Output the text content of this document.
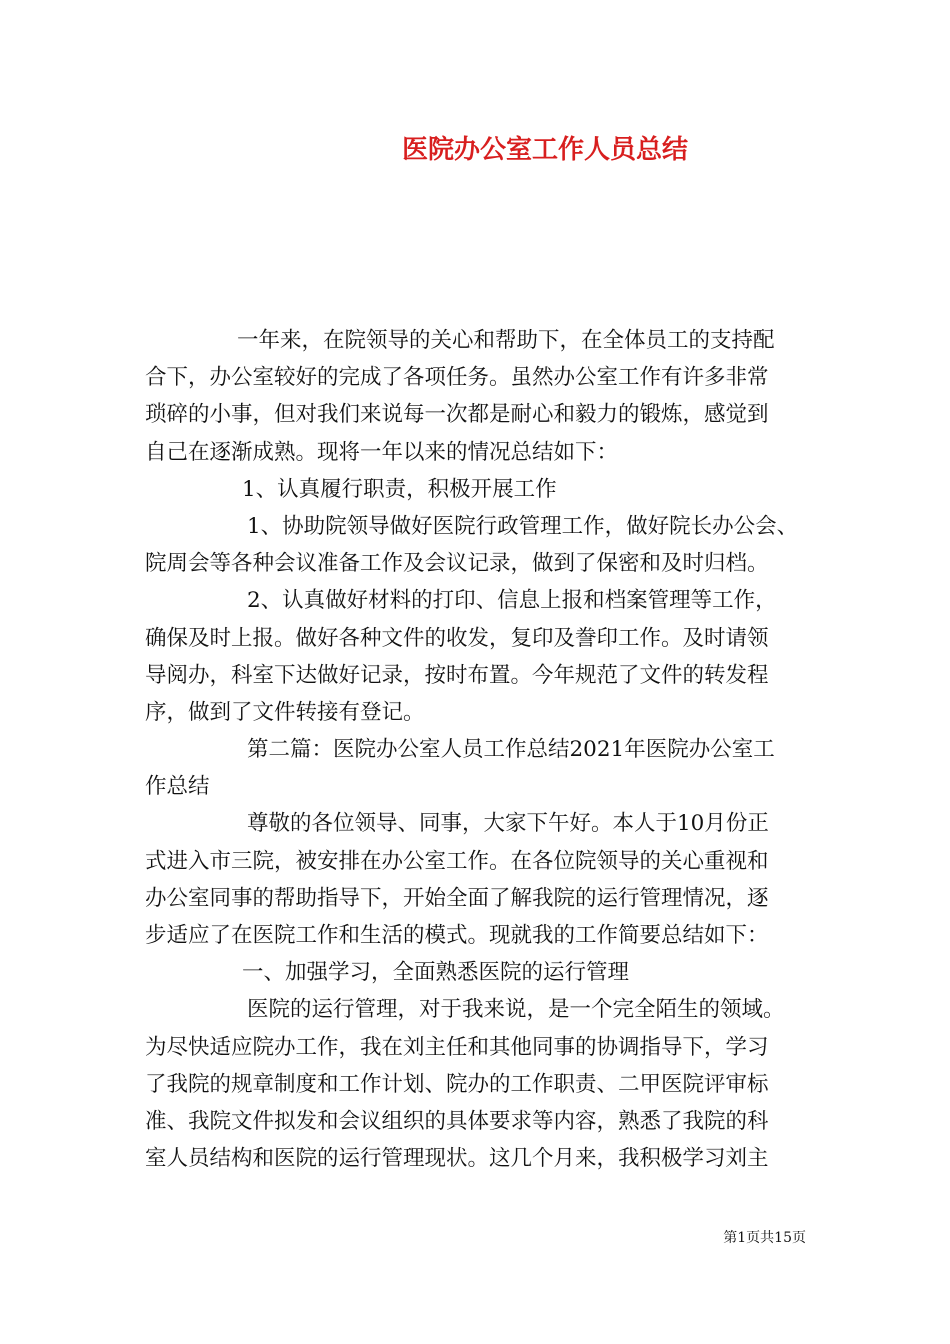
医院办公室工作人员总结
一年来，在院领导的关心和帮助下，在全体员工的支持配
合下，办公室较好的完成了各项任务。虽然办公室工作有许多非常
琐碎的小事，但对我们来说每一次都是耐心和毅力的锻炼，感觉到
自己在逐渐成熟。现将一年以来的情况总结如下：
1、认真履行职责，积极开展工作
1、协助院领导做好医院行政管理工作，做好院长办公会、
院周会等各种会议准备工作及会议记录，做到了保密和及时归档。
2、认真做好材料的打印、信息上报和档案管理等工作，
确保及时上报。做好各种文件的收发，复印及誊印工作。及时请领
导阅办，科室下达做好记录，按时布置。今年规范了文件的转发程
序，做到了文件转接有登记。
第二篇：医院办公室人员工作总结2021年医院办公室工
作总结
尊敬的各位领导、同事，大家下午好。本人于10月份正
式进入市三院，被安排在办公室工作。在各位院领导的关心重视和
办公室同事的帮助指导下，开始全面了解我院的运行管理情况，逐
步适应了在医院工作和生活的模式。现就我的工作简要总结如下：
一、加强学习，全面熟悉医院的运行管理
医院的运行管理，对于我来说，是一个完全陌生的领域。
为尽快适应院办工作，我在刘主任和其他同事的协调指导下，学习
了我院的规章制度和工作计划、院办的工作职责、二甲医院评审标
准、我院文件拟发和会议组织的具体要求等内容，熟悉了我院的科
室人员结构和医院的运行管理现状。这几个月来，我积极学习刘主
第1页共15页
